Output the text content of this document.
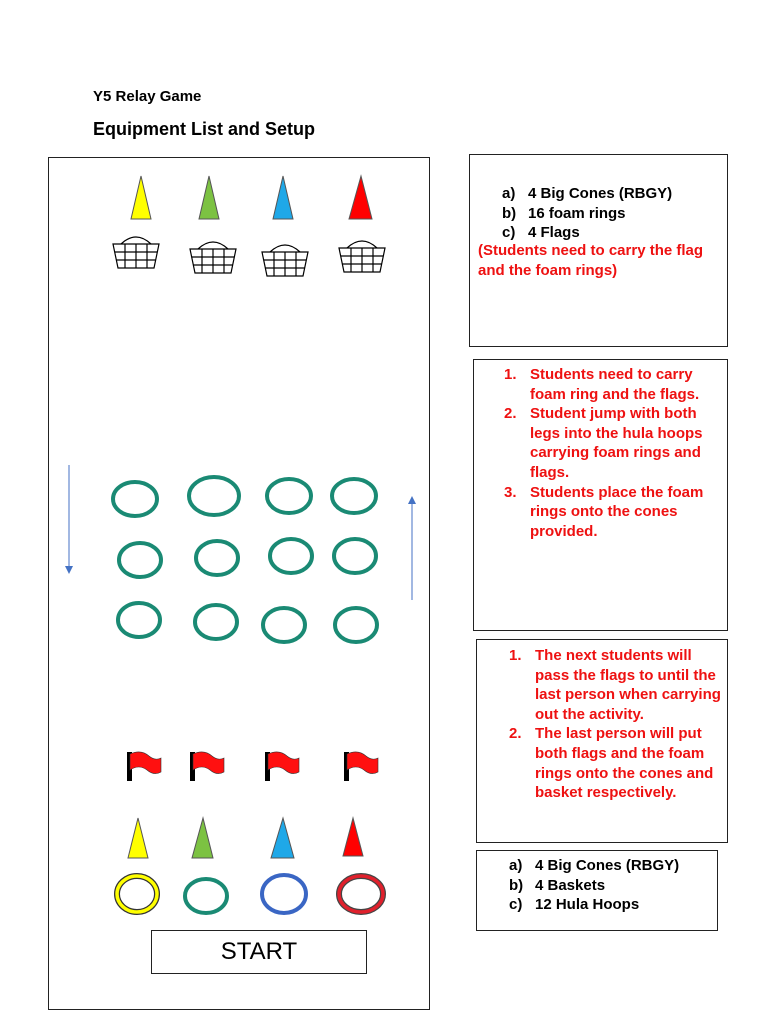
Y5 Relay Game
Equipment List and Setup
START
a) 4 Big Cones (RBGY)
b) 16 foam rings
c) 4 Flags
(Students need to carry the flag and the foam rings)
1. Students need to carry foam ring and the flags.
2. Student jump with both legs into the hula hoops carrying foam rings and flags.
3. Students place the foam rings onto the cones provided.
1. The next students will pass the flags to until the last person when carrying out the activity.
2. The last person will put both flags and the foam rings onto the cones and basket respectively.
a) 4 Big Cones (RBGY)
b) 4 Baskets
c) 12 Hula Hoops
